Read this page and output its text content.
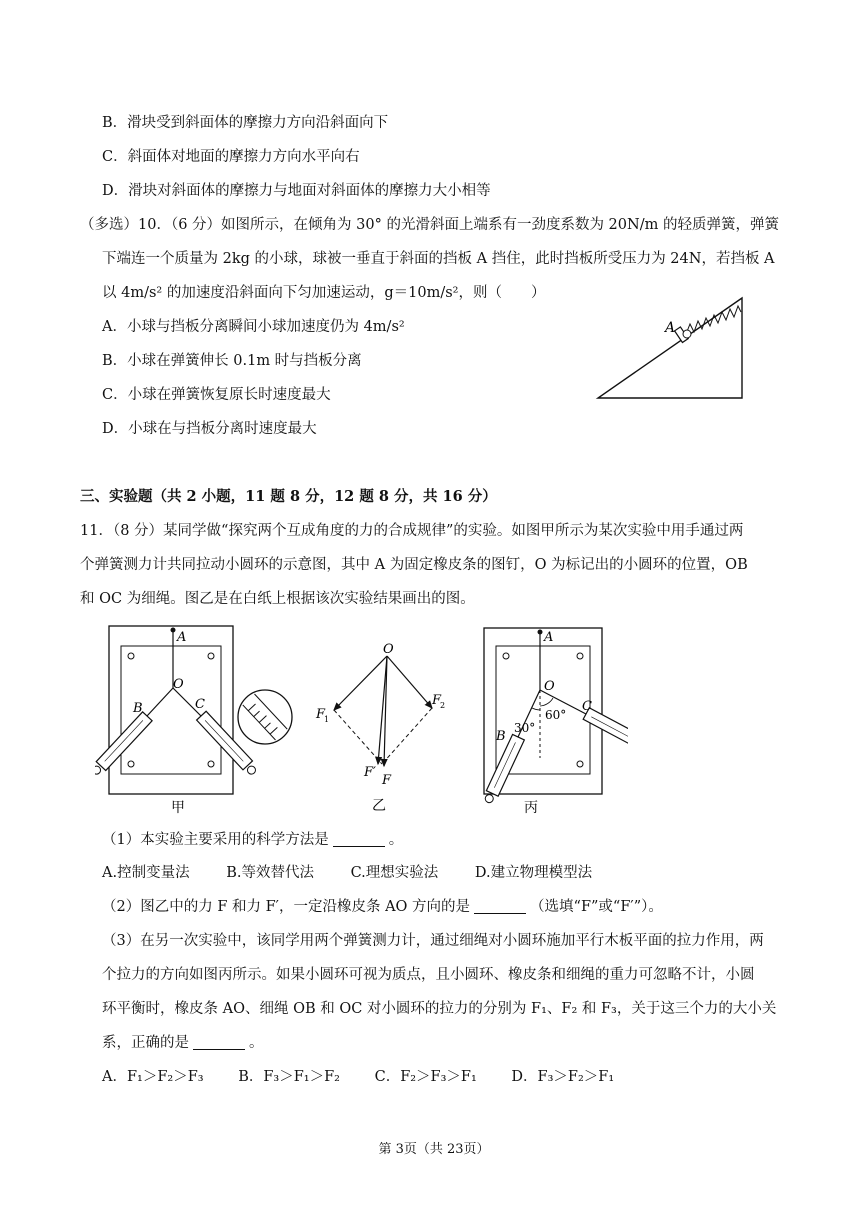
B．滑块受到斜面体的摩擦力方向沿斜面向下
C．斜面体对地面的摩擦力方向水平向右
D．滑块对斜面体的摩擦力与地面对斜面体的摩擦力大小相等
（多选）10．（6 分）如图所示，在倾角为 30° 的光滑斜面上端系有一劲度系数为 20N/m 的轻质弹簧，弹簧
下端连一个质量为 2kg 的小球，球被一垂直于斜面的挡板 A 挡住，此时挡板所受压力为 24N，若挡板 A
以 4m/s² 的加速度沿斜面向下匀加速运动，g＝10m/s²，则（　　）
A．小球与挡板分离瞬间小球加速度仍为 4m/s²
B．小球在弹簧伸长 0.1m 时与挡板分离
C．小球在弹簧恢复原长时速度最大
D．小球在与挡板分离时速度最大
A
三、实验题（共 2 小题，11 题 8 分，12 题 8 分，共 16 分）
11．（8 分）某同学做“探究两个互成角度的力的合成规律”的实验。如图甲所示为某次实验中用手通过两
个弹簧测力计共同拉动小圆环的示意图，其中 A 为固定橡皮条的图钉，O 为标记出的小圆环的位置，OB
和 OC 为细绳。图乙是在白纸上根据该次实验结果画出的图。
A
O
B	C
甲
O
F
1
F
2
F′
F
乙
A
O
B
C
60°
30°
丙
（1）本实验主要采用的科学方法是	。
A.控制变量法	B.等效替代法	C.理想实验法	D.建立物理模型法
（2）图乙中的力 F 和力 F′，一定沿橡皮条 AO 方向的是	（选填“F”或“F′”）。
（3）在另一次实验中，该同学用两个弹簧测力计，通过细绳对小圆环施加平行木板平面的拉力作用，两
个拉力的方向如图丙所示。如果小圆环可视为质点，且小圆环、橡皮条和细绳的重力可忽略不计，小圆
环平衡时，橡皮条 AO、细绳 OB 和 OC 对小圆环的拉力的分别为 F₁、F₂ 和 F₃，关于这三个力的大小关
系，正确的是	。
A．F₁＞F₂＞F₃ B．F₃＞F₁＞F₂ C．F₂＞F₃＞F₁ D．F₃＞F₂＞F₁
第 3页（共 23页）
